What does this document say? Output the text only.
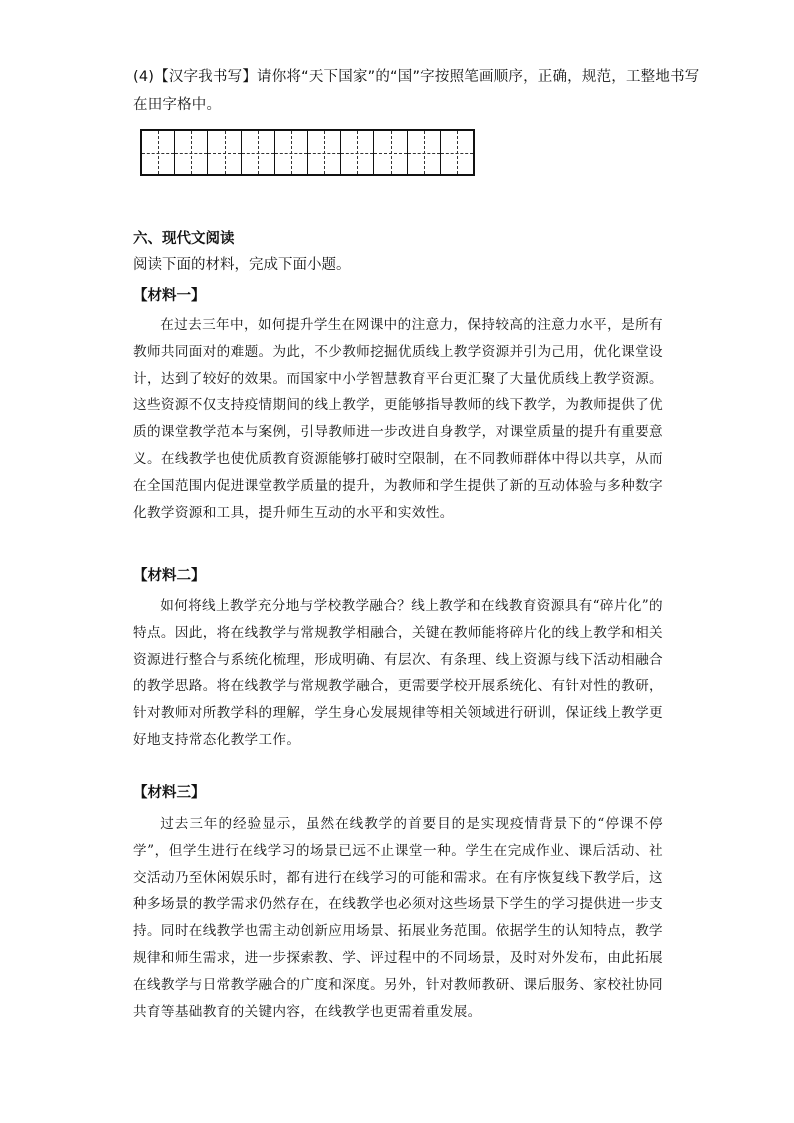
(4)【汉字我书写】请你将“天下国家”的“国”字按照笔画顺序，正确，规范，工整地书写
在田字格中。
六、现代文阅读
阅读下面的材料，完成下面小题。
【材料一】

在过去三年中，如何提升学生在网课中的注意力，保持较高的注意力水平，是所有教师共同面对的难题。为此，不少教师挖掘优质线上教学资源并引为己用，优化课堂设计，达到了较好的效果。而国家中小学智慧教育平台更汇聚了大量优质线上教学资源。这些资源不仅支持疫情期间的线上教学，更能够指导教师的线下教学，为教师提供了优质的课堂教学范本与案例，引导教师进一步改进自身教学，对课堂质量的提升有重要意义。在线教学也使优质教育资源能够打破时空限制，在不同教师群体中得以共享，从而在全国范围内促进课堂教学质量的提升，为教师和学生提供了新的互动体验与多种数字化教学资源和工具，提升师生互动的水平和实效性。

【材料二】

如何将线上教学充分地与学校教学融合？线上教学和在线教育资源具有“碎片化”的特点。因此，将在线教学与常规教学相融合，关键在教师能将碎片化的线上教学和相关资源进行整合与系统化梳理，形成明确、有层次、有条理、线上资源与线下活动相融合的教学思路。将在线教学与常规教学融合，更需要学校开展系统化、有针对性的教研，针对教师对所教学科的理解，学生身心发展规律等相关领域进行研训，保证线上教学更好地支持常态化教学工作。

【材料三】

过去三年的经验显示，虽然在线教学的首要目的是实现疫情背景下的“停课不停学”，但学生进行在线学习的场景已远不止课堂一种。学生在完成作业、课后活动、社交活动乃至休闲娱乐时，都有进行在线学习的可能和需求。在有序恢复线下教学后，这种多场景的教学需求仍然存在，在线教学也必须对这些场景下学生的学习提供进一步支持。同时在线教学也需主动创新应用场景、拓展业务范围。依据学生的认知特点，教学规律和师生需求，进一步探索教、学、评过程中的不同场景，及时对外发布，由此拓展在线教学与日常教学融合的广度和深度。另外，针对教师教研、课后服务、家校社协同共育等基础教育的关键内容，在线教学也更需着重发展。
